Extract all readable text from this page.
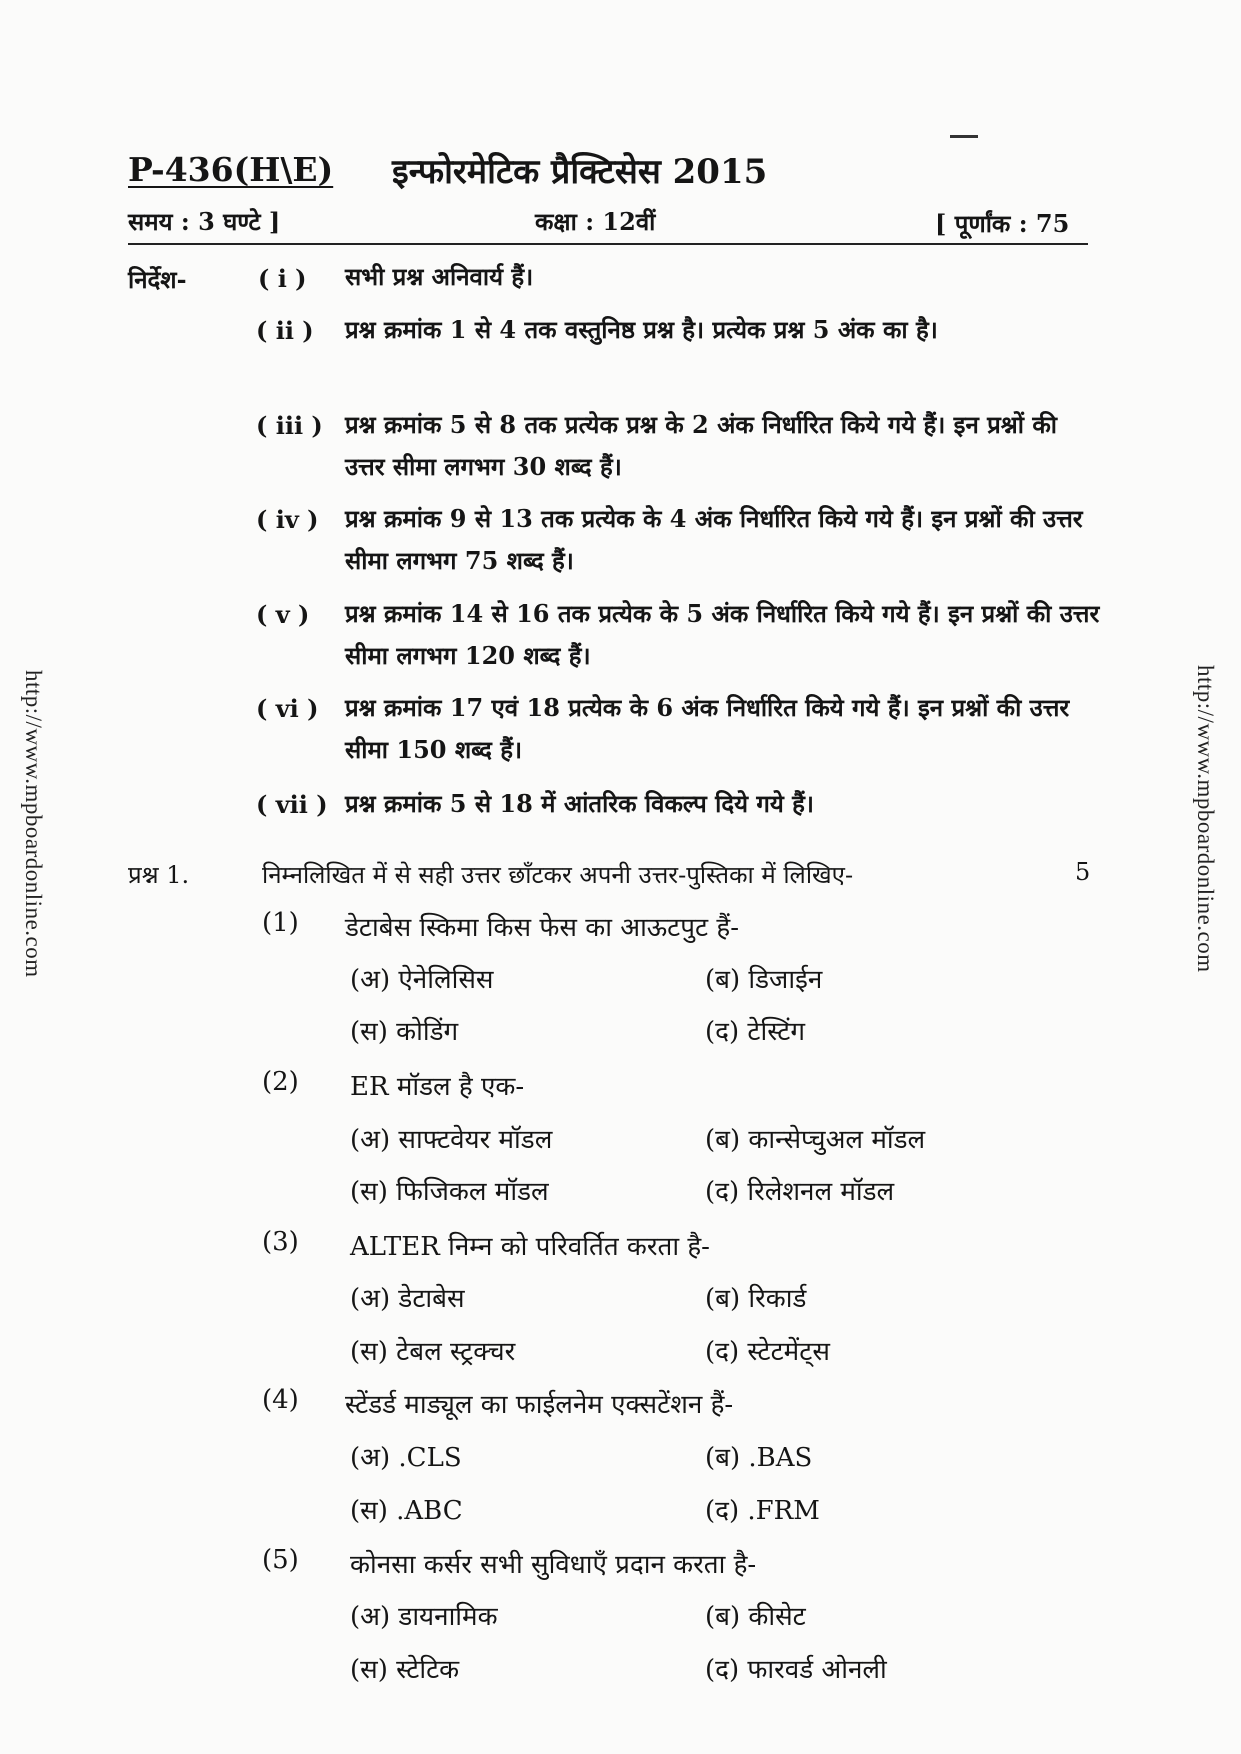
P-436(H\E) इन्फोरमेटिक प्रैक्टिसेस 2015
समय : 3 घण्टे ]	कक्षा : 12वीं	[ पूर्णांक : 75
निर्देश-	( i ) सभी प्रश्न अनिवार्य हैं।
( ii ) प्रश्न क्रमांक 1 से 4 तक वस्तुनिष्ठ प्रश्न है। प्रत्येक प्रश्न 5 अंक का है।
( iii ) प्रश्न क्रमांक 5 से 8 तक प्रत्येक प्रश्न के 2 अंक निर्धारित किये गये हैं। इन प्रश्नों की उत्तर सीमा लगभग 30 शब्द हैं।
( iv ) प्रश्न क्रमांक 9 से 13 तक प्रत्येक के 4 अंक निर्धारित किये गये हैं। इन प्रश्नों की उत्तर सीमा लगभग 75 शब्द हैं।
( v ) प्रश्न क्रमांक 14 से 16 तक प्रत्येक के 5 अंक निर्धारित किये गये हैं। इन प्रश्नों की उत्तर सीमा लगभग 120 शब्द हैं।
( vi ) प्रश्न क्रमांक 17 एवं 18 प्रत्येक के 6 अंक निर्धारित किये गये हैं। इन प्रश्नों की उत्तर सीमा 150 शब्द हैं।
( vii ) प्रश्न क्रमांक 5 से 18 में आंतरिक विकल्प दिये गये हैं।
प्रश्न 1.	निम्नलिखित में से सही उत्तर छाँटकर अपनी उत्तर-पुस्तिका में लिखिए-	5
(1) डेटाबेस स्किमा किस फेस का आऊटपुट हैं-
(अ) ऐनेलिसिस	(ब) डिजाईन
(स) कोडिंग	(द) टेस्टिंग
(2) ER मॉडल है एक-
(अ) साफ्टवेयर मॉडल	(ब) कान्सेप्चुअल मॉडल
(स) फिजिकल मॉडल	(द) रिलेशनल मॉडल
(3) ALTER निम्न को परिवर्तित करता है-
(अ) डेटाबेस	(ब) रिकार्ड
(स) टेबल स्ट्रक्चर	(द) स्टेटमेंट्स
(4) स्टेंडर्ड माड्यूल का फाईलनेम एक्सटेंशन हैं-
(अ) .CLS	(ब) .BAS
(स) .ABC	(द) .FRM
(5) कोनसा कर्सर सभी सुविधाएँ प्रदान करता है-
(अ) डायनामिक	(ब) कीसेट
(स) स्टेटिक	(द) फारवर्ड ओनली
http://www.mpboardonline.com	http://www.mpboardonline.com
